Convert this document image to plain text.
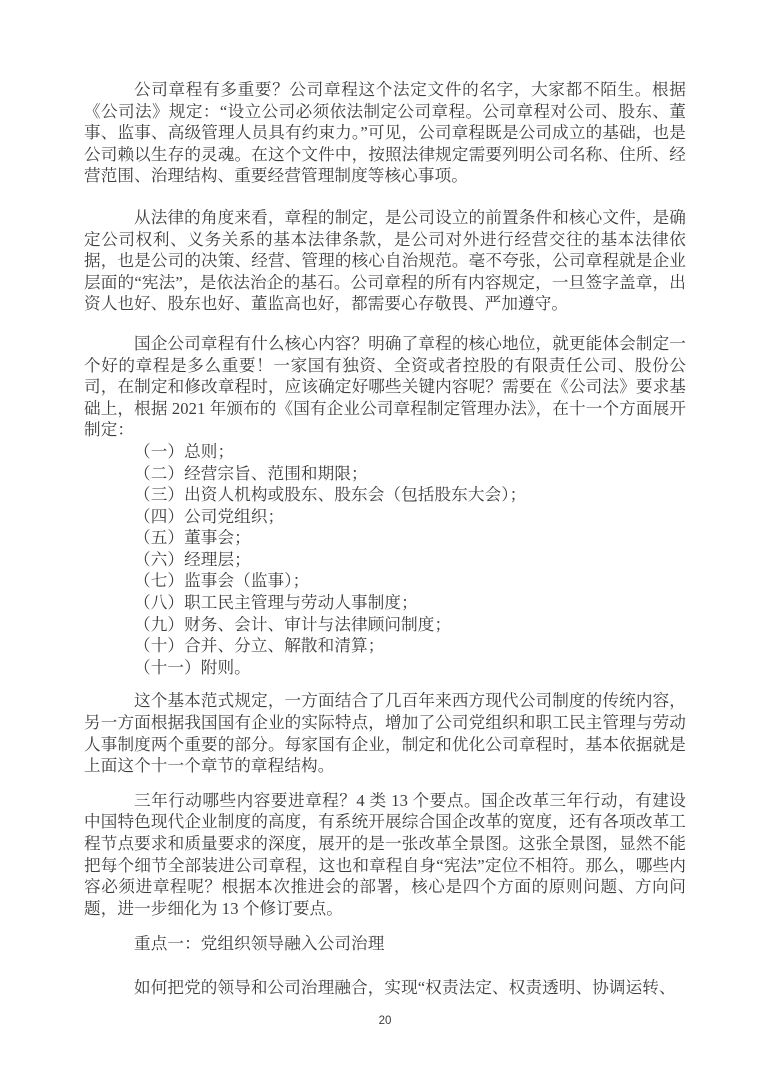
公司章程有多重要？公司章程这个法定文件的名字，大家都不陌生。根据《公司法》规定：“设立公司必须依法制定公司章程。公司章程对公司、股东、董事、监事、高级管理人员具有约束力。”可见，公司章程既是公司成立的基础，也是公司赖以生存的灵魂。在这个文件中，按照法律规定需要列明公司名称、住所、经营范围、治理结构、重要经营管理制度等核心事项。

从法律的角度来看，章程的制定，是公司设立的前置条件和核心文件，是确定公司权利、义务关系的基本法律条款，是公司对外进行经营交往的基本法律依据，也是公司的决策、经营、管理的核心自治规范。毫不夸张，公司章程就是企业层面的“宪法”，是依法治企的基石。公司章程的所有内容规定，一旦签字盖章，出资人也好、股东也好、董监高也好，都需要心存敬畏、严加遵守。

国企公司章程有什么核心内容？明确了章程的核心地位，就更能体会制定一个好的章程是多么重要！一家国有独资、全资或者控股的有限责任公司、股份公司，在制定和修改章程时，应该确定好哪些关键内容呢？需要在《公司法》要求基础上，根据 2021 年颁布的《国有企业公司章程制定管理办法》，在十一个方面展开制定：

（一）总则；
（二）经营宗旨、范围和期限；
（三）出资人机构或股东、股东会（包括股东大会）；
（四）公司党组织；
（五）董事会；
（六）经理层；
（七）监事会（监事）；
（八）职工民主管理与劳动人事制度；
（九）财务、会计、审计与法律顾问制度；
（十）合并、分立、解散和清算；
（十一）附则。

这个基本范式规定，一方面结合了几百年来西方现代公司制度的传统内容，另一方面根据我国国有企业的实际特点，增加了公司党组织和职工民主管理与劳动人事制度两个重要的部分。每家国有企业，制定和优化公司章程时，基本依据就是上面这个十一个章节的章程结构。

三年行动哪些内容要进章程？4 类 13 个要点。国企改革三年行动，有建设中国特色现代企业制度的高度，有系统开展综合国企改革的宽度，还有各项改革工程节点要求和质量要求的深度，展开的是一张改革全景图。这张全景图，显然不能把每个细节全部装进公司章程，这也和章程自身“宪法”定位不相符。那么，哪些内容必须进章程呢？根据本次推进会的部署，核心是四个方面的原则问题、方向问题，进一步细化为 13 个修订要点。

重点一：党组织领导融入公司治理

如何把党的领导和公司治理融合，实现“权责法定、权责透明、协调运转、

20
